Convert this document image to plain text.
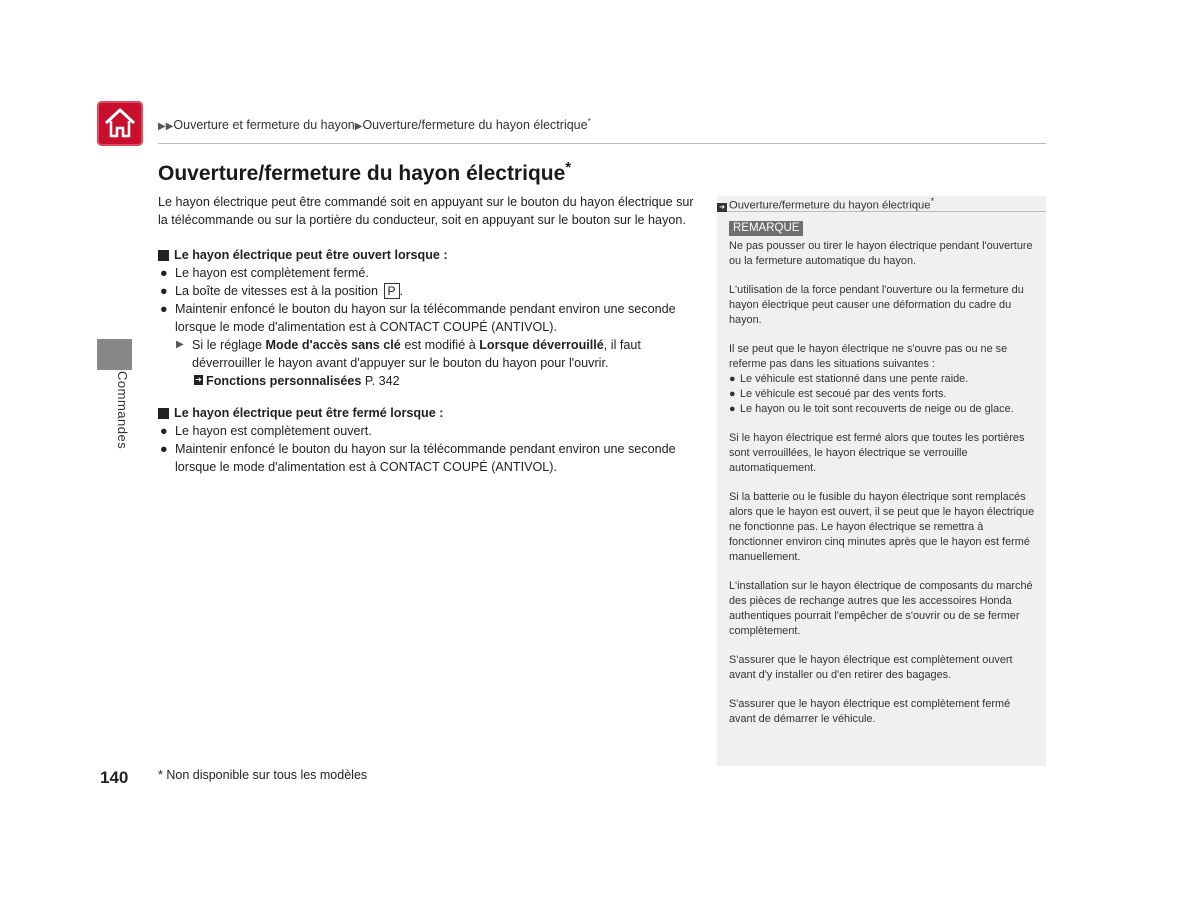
▶▶Ouverture et fermeture du hayon▶Ouverture/fermeture du hayon électrique*
Ouverture/fermeture du hayon électrique*
Commandes

Le hayon électrique peut être commandé soit en appuyant sur le bouton du hayon électrique sur la télécommande ou sur la portière du conducteur, soit en appuyant sur le bouton sur le hayon.

Le hayon électrique peut être ouvert lorsque :
● Le hayon est complètement fermé.
● La boîte de vitesses est à la position P .
● Maintenir enfoncé le bouton du hayon sur la télécommande pendant environ une seconde lorsque le mode d'alimentation est à CONTACT COUPÉ (ANTIVOL).
▶ Si le réglage Mode d'accès sans clé est modifié à Lorsque déverrouillé, il faut déverrouiller le hayon avant d'appuyer sur le bouton du hayon pour l'ouvrir.
➜ Fonctions personnalisées P. 342
Le hayon électrique peut être fermé lorsque :
● Le hayon est complètement ouvert.
● Maintenir enfoncé le bouton du hayon sur la télécommande pendant environ une seconde lorsque le mode d'alimentation est à CONTACT COUPÉ (ANTIVOL).
➜ Ouverture/fermeture du hayon électrique*
REMARQUE

Ne pas pousser ou tirer le hayon électrique pendant l'ouverture ou la fermeture automatique du hayon.

L'utilisation de la force pendant l'ouverture ou la fermeture du hayon électrique peut causer une déformation du cadre du hayon.

Il se peut que le hayon électrique ne s'ouvre pas ou ne se referme pas dans les situations suivantes :

● Le véhicule est stationné dans une pente raide.
● Le véhicule est secoué par des vents forts.
● Le hayon ou le toit sont recouverts de neige ou de glace.

Si le hayon électrique est fermé alors que toutes les portières sont verrouillées, le hayon électrique se verrouille automatiquement.

Si la batterie ou le fusible du hayon électrique sont remplacés alors que le hayon est ouvert, il se peut que le hayon électrique ne fonctionne pas. Le hayon électrique se remettra à fonctionner environ cinq minutes après que le hayon est fermé manuellement.

L'installation sur le hayon électrique de composants du marché des pièces de rechange autres que les accessoires Honda authentiques pourrait l'empêcher de s'ouvrir ou de se fermer complètement.

S'assurer que le hayon électrique est complètement ouvert avant d'y installer ou d'en retirer des bagages.

S'assurer que le hayon électrique est complètement fermé avant de démarrer le véhicule.

140 * Non disponible sur tous les modèles
